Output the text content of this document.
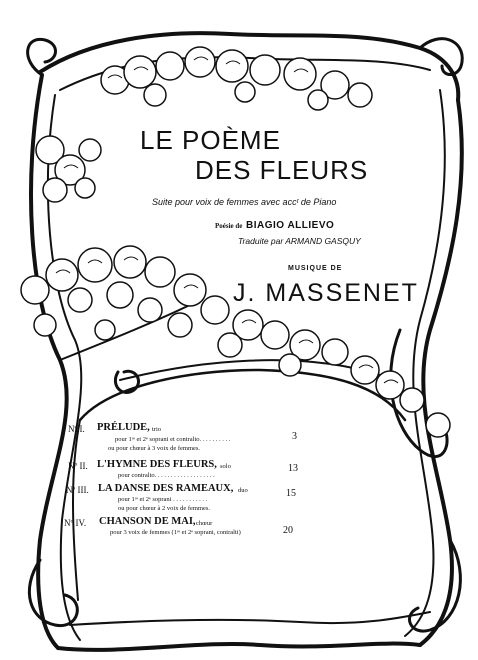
LE POÈME
DES FLEURS
Suite pour voix de femmes avec accᵗ de Piano
Poésie de BIAGIO ALLIEVO
Traduite par ARMAND GASQUY
MUSIQUE DE
J. MASSENET
Nº I. PRÉLUDE, trio
pour 1ʳᵉ et 2ᵉ soprani et contralto. . . . . . . . . .
ou pour chœur à 3 voix de femmes.
3
Nº II. L'HYMNE DES FLEURS, solo
pour contralto. . . . . . . . . . . . . . . . . . .
13
Nº III. LA DANSE DES RAMEAUX, duo
pour 1ʳᵉ et 2ᵉ soprani . . . . . . . . . . .
ou pour chœur à 2 voix de femmes.
15
Nº IV. CHANSON DE MAI, chœur
pour 3 voix de femmes (1ʳᵉ et 2ᵉ soprani, contralti)	20
